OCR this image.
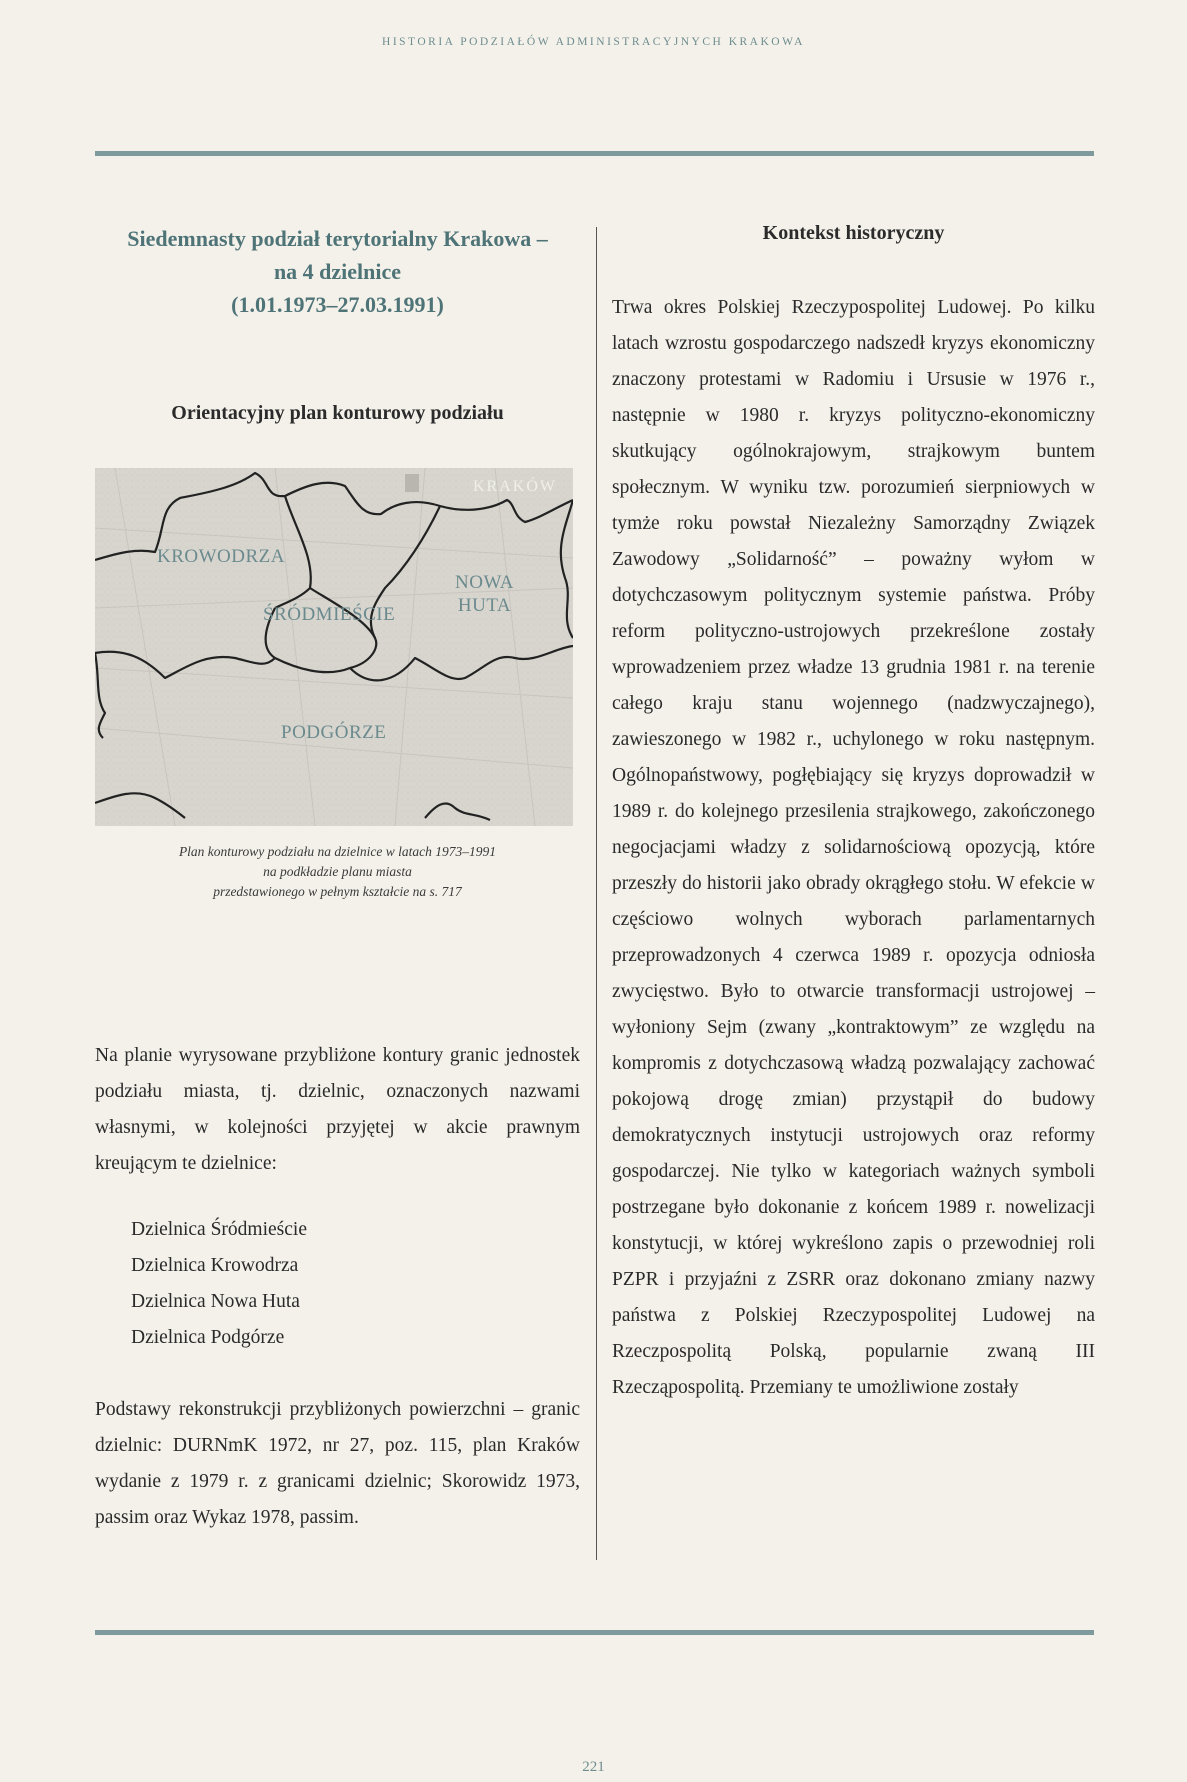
HISTORIA PODZIAŁÓW ADMINISTRACYJNYCH KRAKOWA
Siedemnasty podział terytorialny Krakowa –
na 4 dzielnice
(1.01.1973–27.03.1991)
Orientacyjny plan konturowy podziału
KRAKÓW
KROWODRZA
ŚRÓDMIEŚCIE
NOWA
HUTA
PODGÓRZE
Plan konturowy podziału na dzielnice w latach 1973–1991
na podkładzie planu miasta
przedstawionego w pełnym kształcie na s. 717

Na planie wyrysowane przybliżone kontury granic jednostek podziału miasta, tj. dzielnic, oznaczonych nazwami własnymi, w kolejności przyjętej w akcie prawnym kreującym te dzielnice:

Dzielnica Śródmieście
Dzielnica Krowodrza
Dzielnica Nowa Huta
Dzielnica Podgórze

Podstawy rekonstrukcji przybliżonych powierzchni – granic dzielnic: DURNmK 1972, nr 27, poz. 115, plan Kraków wydanie z 1979 r. z granicami dzielnic; Skorowidz 1973, passim oraz Wykaz 1978, passim.

Kontekst historyczny

Trwa okres Polskiej Rzeczypospolitej Ludowej. Po kilku latach wzrostu gospodarczego nadszedł kryzys ekonomiczny znaczony protestami w Radomiu i Ursusie w 1976 r., następnie w 1980 r. kryzys polityczno-ekonomiczny skutkujący ogólnokrajowym, strajkowym buntem społecznym. W wyniku tzw. porozumień sierpniowych w tymże roku powstał Niezależny Samorządny Związek Zawodowy „Solidarność” – poważny wyłom w dotychczasowym politycznym systemie państwa. Próby reform polityczno-ustrojowych przekreślone zostały wprowadzeniem przez władze 13 grudnia 1981 r. na terenie całego kraju stanu wojennego (nadzwyczajnego), zawieszonego w 1982 r., uchylonego w roku następnym. Ogólnopaństwowy, pogłębiający się kryzys doprowadził w 1989 r. do kolejnego przesilenia strajkowego, zakończonego negocjacjami władzy z solidarnościową opozycją, które przeszły do historii jako obrady okrągłego stołu. W efekcie w częściowo wolnych wyborach parlamentarnych przeprowadzonych 4 czerwca 1989 r. opozycja odniosła zwycięstwo. Było to otwarcie transformacji ustrojowej – wyłoniony Sejm (zwany „kontraktowym” ze względu na kompromis z dotychczasową władzą pozwalający zachować pokojową drogę zmian) przystąpił do budowy demokratycznych instytucji ustrojowych oraz reformy gospodarczej. Nie tylko w kategoriach ważnych symboli postrzegane było dokonanie z końcem 1989 r. nowelizacji konstytucji, w której wykreślono zapis o przewodniej roli PZPR i przyjaźni z ZSRR oraz dokonano zmiany nazwy państwa z Polskiej Rzeczypospolitej Ludowej na Rzeczpospolitą Polską, popularnie zwaną III Rzecząpospolitą. Przemiany te umożliwione zostały

221
